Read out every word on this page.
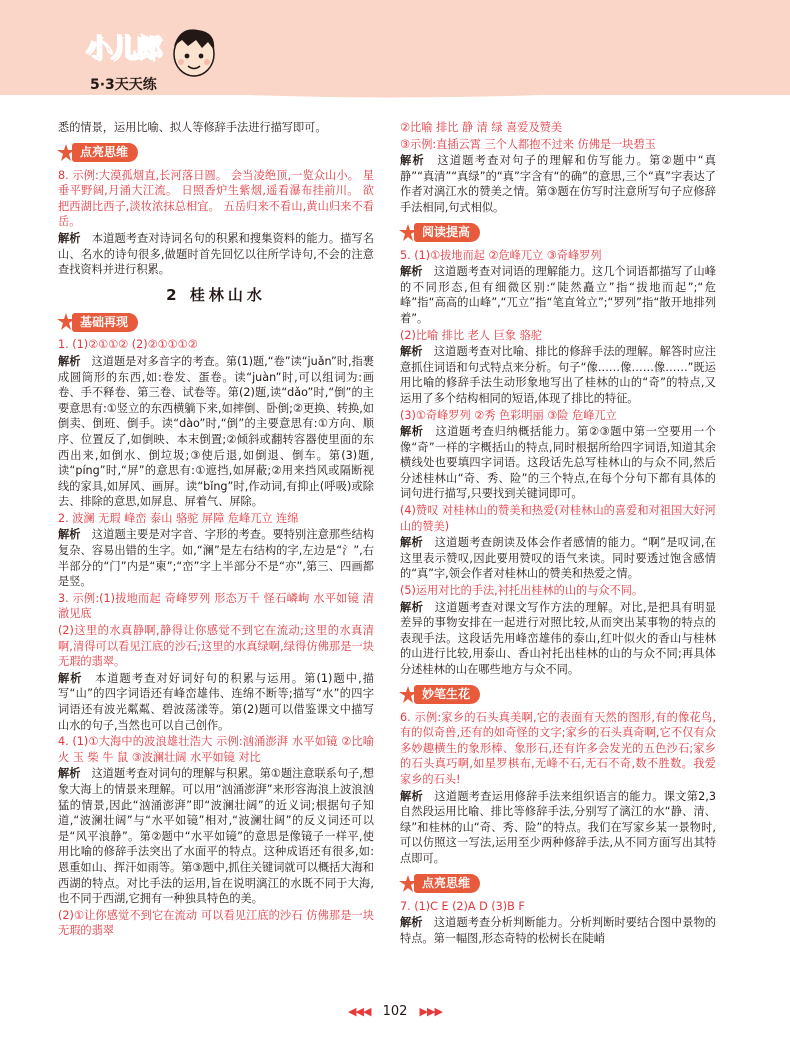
小儿郎
5·3天天练

悉的情景，运用比喻、拟人等修辞手法进行描写即可。

点亮思维

8. 示例:大漠孤烟直,长河落日圆。 会当凌绝顶,一览众山小。 星垂平野阔,月涌大江流。 日照香炉生紫烟,遥看瀑布挂前川。 欲把西湖比西子,淡妆浓抹总相宜。 五岳归来不看山,黄山归来不看岳。

解析　 本道题考查对诗词名句的积累和搜集资料的能力。描写名山、名水的诗句很多,做题时首先回忆以往所学诗句,不会的注意查找资料并进行积累。

2 桂林山水
基础再现

1. (1)②①①② (2)②①①①②

解析　 这道题是对多音字的考查。第(1)题,“卷”读“juǎn”时,指裹成圆筒形的东西,如:卷发、蛋卷。读“juàn”时,可以组词为:画卷、手不释卷、第三卷、试卷等。第(2)题,读“dǎo”时,“倒”的主要意思有:①竖立的东西横躺下来,如摔倒、卧倒;②更换、转换,如倒卖、倒班、倒手。读“dào”时,“倒”的主要意思有:①方向、顺序、位置反了,如倒映、本末倒置;②倾斜或翻转容器使里面的东西出来,如倒水、倒垃圾;③使后退,如倒退、倒车。第(3)题,读“píng”时,“屏”的意思有:①遮挡,如屏蔽;②用来挡风或隔断视线的家具,如屏风、画屏。读“bǐng”时,作动词,有抑止(呼吸)或除去、排除的意思,如屏息、屏着气、屏除。

2. 波澜 无瑕 峰峦 泰山 骆驼 屏障 危峰兀立 连绵

解析　 这道题主要是对字音、字形的考查。要特别注意那些结构复杂、容易出错的生字。如,“澜”是左右结构的字,左边是“氵”,右半部分的“门”内是“柬”;“峦”字上半部分不是“亦”,第三、四画都是竖。

3. 示例:(1)拔地而起 奇峰罗列 形态万千 怪石嶙峋 水平如镜 清澈见底

(2)这里的水真静啊,静得让你感觉不到它在流动;这里的水真清啊,清得可以看见江底的沙石;这里的水真绿啊,绿得仿佛那是一块无瑕的翡翠。

解析　 本道题考查对好词好句的积累与运用。第(1)题中,描写“山”的四字词语还有峰峦雄伟、连绵不断等;描写“水”的四字词语还有波光粼粼、碧波荡漾等。第(2)题可以借鉴课文中描写山水的句子,当然也可以自己创作。

4. (1)①大海中的波浪雄壮浩大 示例:汹涌澎湃 水平如镜 ②比喻 火 玉 柴 牛 鼠 ③波澜壮阔 水平如镜 对比

解析　 这道题考查对词句的理解与积累。第①题注意联系句子,想象大海上的情景来理解。可以用“汹涌澎湃”来形容海浪上波浪汹猛的情景,因此“汹涌澎湃”即“波澜壮阔”的近义词;根据句子知道,“波澜壮阔”与“水平如镜”相对,“波澜壮阔”的反义词还可以是“风平浪静”。第②题中“水平如镜”的意思是像镜子一样平,使用比喻的修辞手法突出了水面平的特点。这种成语还有很多,如:恩重如山、挥汗如雨等。第③题中,抓住关键词就可以概括大海和西湖的特点。对比手法的运用,旨在说明漓江的水既不同于大海,也不同于西湖,它拥有一种独具特色的美。

(2)①让你感觉不到它在流动 可以看见江底的沙石 仿佛那是一块无瑕的翡翠

②比喻 排比 静 清 绿 喜爱及赞美

③示例:直插云霄 三个人都抱不过来 仿佛是一块碧玉

解析　 这道题考查对句子的理解和仿写能力。第②题中“真静”“真清”“真绿”的“真”字含有“的确”的意思,三个“真”字表达了作者对漓江水的赞美之情。第③题在仿写时注意所写句子应修辞手法相同,句式相似。

阅读提高

5. (1)①拔地而起 ②危峰兀立 ③奇峰罗列

解析　 这道题考查对词语的理解能力。这几个词语都描写了山峰的不同形态,但有细微区别:“陡然矗立”指“拔地而起”;“危峰”指“高高的山峰”,“兀立”指“笔直耸立”;“罗列”指“散开地排列着”。

(2)比喻 排比 老人 巨象 骆驼

解析　 这道题考查对比喻、排比的修辞手法的理解。解答时应注意抓住词语和句式特点来分析。句子“像……像……像……”既运用比喻的修辞手法生动形象地写出了桂林的山的“奇”的特点,又运用了多个结构相同的短语,体现了排比的特征。

(3)①奇峰罗列 ②秀 色彩明丽 ③险 危峰兀立

解析　 这道题考查归纳概括能力。第②③题中第一空要用一个像“奇”一样的字概括山的特点,同时根据所给四字词语,知道其余横线处也要填四字词语。这段话先总写桂林山的与众不同,然后分述桂林山“奇、秀、险”的三个特点,在每个分句下都有具体的词句进行描写,只要找到关键词即可。

(4)赞叹 对桂林山的赞美和热爱(对桂林山的喜爱和对祖国大好河山的赞美)

解析　 这道题考查朗读及体会作者感情的能力。“啊”是叹词,在这里表示赞叹,因此要用赞叹的语气来读。同时要透过饱含感情的“真”字,领会作者对桂林山的赞美和热爱之情。

(5)运用对比的手法,衬托出桂林的山的与众不同。

解析　 这道题考查对课文写作方法的理解。对比,是把具有明显差异的事物安排在一起进行对照比较,从而突出某事物的特点的表现手法。这段话先用峰峦雄伟的泰山,红叶似火的香山与桂林的山进行比较,用泰山、香山衬托出桂林的山的与众不同;再具体分述桂林的山在哪些地方与众不同。

妙笔生花

6. 示例:家乡的石头真美啊,它的表面有天然的图形,有的像花鸟,有的似奇兽,还有的如奇怪的文字;家乡的石头真奇啊,它不仅有众多妙趣横生的象形棒、象形石,还有许多会发光的五色沙石;家乡的石头真巧啊,如星罗棋布,无峰不石,无石不奇,数不胜数。我爱家乡的石头!

解析　 这道题考查运用修辞手法来组织语言的能力。课文第2,3自然段运用比喻、排比等修辞手法,分别写了漓江的水“静、清、绿”和桂林的山“奇、秀、险”的特点。我们在写家乡某一景物时,可以仿照这一写法,运用至少两种修辞手法,从不同方面写出其特点即可。

点亮思维

7. (1)C E (2)A D (3)B F

解析　 这道题考查分析判断能力。分析判断时要结合图中景物的特点。第一幅图,形态奇特的松树长在陡峭

◀◀◀ 102 ▶▶▶
